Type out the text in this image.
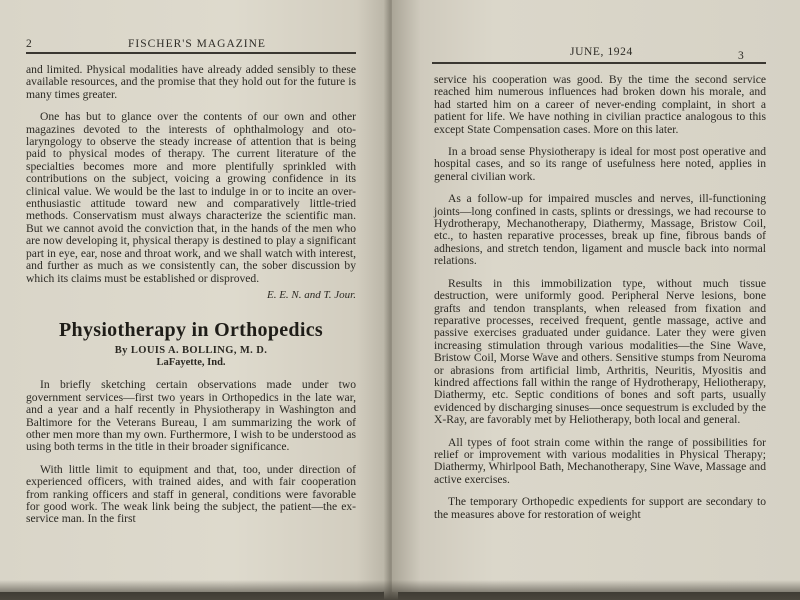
2	FISCHER'S MAGAZINE

and limited. Physical modalities have already added sensibly to these available resources, and the promise that they hold out for the future is many times greater.

One has but to glance over the contents of our own and other magazines devoted to the interests of ophthalmology and oto-laryngology to observe the steady increase of attention that is being paid to physical modes of therapy. The current literature of the specialties becomes more and more plentifully sprinkled with contributions on the subject, voicing a growing confidence in its clinical value. We would be the last to indulge in or to incite an over-enthusiastic attitude toward new and comparatively little-tried methods. Conservatism must always characterize the scientific man. But we cannot avoid the conviction that, in the hands of the men who are now developing it, physical therapy is destined to play a significant part in eye, ear, nose and throat work, and we shall watch with interest, and further as much as we consistently can, the sober discussion by which its claims must be established or disproved.

E. E. N. and T. Jour.

Physiotherapy in Orthopedics

By LOUIS A. BOLLING, M. D.

LaFayette, Ind.

In briefly sketching certain observations made under two government services—first two years in Orthopedics in the late war, and a year and a half recently in Physiotherapy in Washington and Baltimore for the Veterans Bureau, I am summarizing the work of other men more than my own. Furthermore, I wish to be understood as using both terms in the title in their broader significance.

With little limit to equipment and that, too, under direction of experienced officers, with trained aides, and with fair cooperation from ranking officers and staff in general, conditions were favorable for good work. The weak link being the subject, the patient—the ex-service man. In the first

JUNE, 1924	3

service his cooperation was good. By the time the second service reached him numerous influences had broken down his morale, and had started him on a career of never-ending complaint, in short a patient for life. We have nothing in civilian practice analogous to this except State Compensation cases. More on this later.

In a broad sense Physiotherapy is ideal for most post operative and hospital cases, and so its range of usefulness here noted, applies in general civilian work.

As a follow-up for impaired muscles and nerves, ill-functioning joints—long confined in casts, splints or dressings, we had recourse to Hydrotherapy, Mechanotherapy, Diathermy, Massage, Bristow Coil, etc., to hasten reparative processes, break up fine, fibrous bands of adhesions, and stretch tendon, ligament and muscle back into normal relations.

Results in this immobilization type, without much tissue destruction, were uniformly good. Peripheral Nerve lesions, bone grafts and tendon transplants, when released from fixation and reparative processes, received frequent, gentle massage, active and passive exercises graduated under guidance. Later they were given increasing stimulation through various modalities—the Sine Wave, Bristow Coil, Morse Wave and others. Sensitive stumps from Neuroma or abrasions from artificial limb, Arthritis, Neuritis, Myositis and kindred affections fall within the range of Hydrotherapy, Heliotherapy, Diathermy, etc. Septic conditions of bones and soft parts, usually evidenced by discharging sinuses—once sequestrum is excluded by the X-Ray, are favorably met by Heliotherapy, both local and general.

All types of foot strain come within the range of possibilities for relief or improvement with various modalities in Physical Therapy; Diathermy, Whirlpool Bath, Mechanotherapy, Sine Wave, Massage and active exercises.

The temporary Orthopedic expedients for support are secondary to the measures above for restoration of weight
